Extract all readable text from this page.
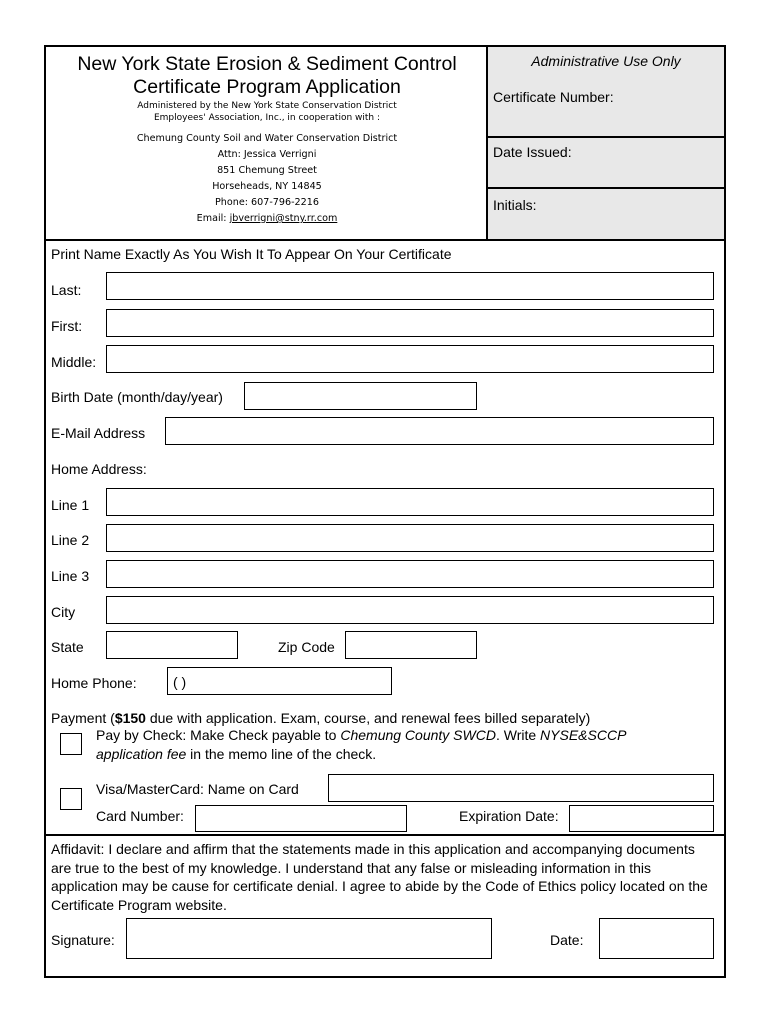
New York State Erosion & Sediment Control
Certificate Program Application
Administered by the New York State Conservation District
Employees' Association, Inc., in cooperation with :
Chemung County Soil and Water Conservation District
Attn: Jessica Verrigni
851 Chemung Street
Horseheads, NY 14845
Phone: 607-796-2216
Email: jbverrigni@stny.rr.com
Administrative Use Only
Certificate Number:
Date Issued:
Initials:
Print Name Exactly As You Wish It To Appear On Your Certificate
Last:
First:
Middle:
Birth Date (month/day/year)
E-Mail Address
Home Address:
Line 1
Line 2
Line 3
City
State	Zip Code
Home Phone:	( )
Payment ($150 due with application. Exam, course, and renewal fees billed separately)
Pay by Check: Make Check payable to Chemung County SWCD. Write NYSE&SCCP application fee in the memo line of the check.
Visa/MasterCard: Name on Card
Card Number:	Expiration Date:
Affidavit: I declare and affirm that the statements made in this application and accompanying documents are true to the best of my knowledge. I understand that any false or misleading information in this application may be cause for certificate denial. I agree to abide by the Code of Ethics policy located on the Certificate Program website.
Signature:	Date:
